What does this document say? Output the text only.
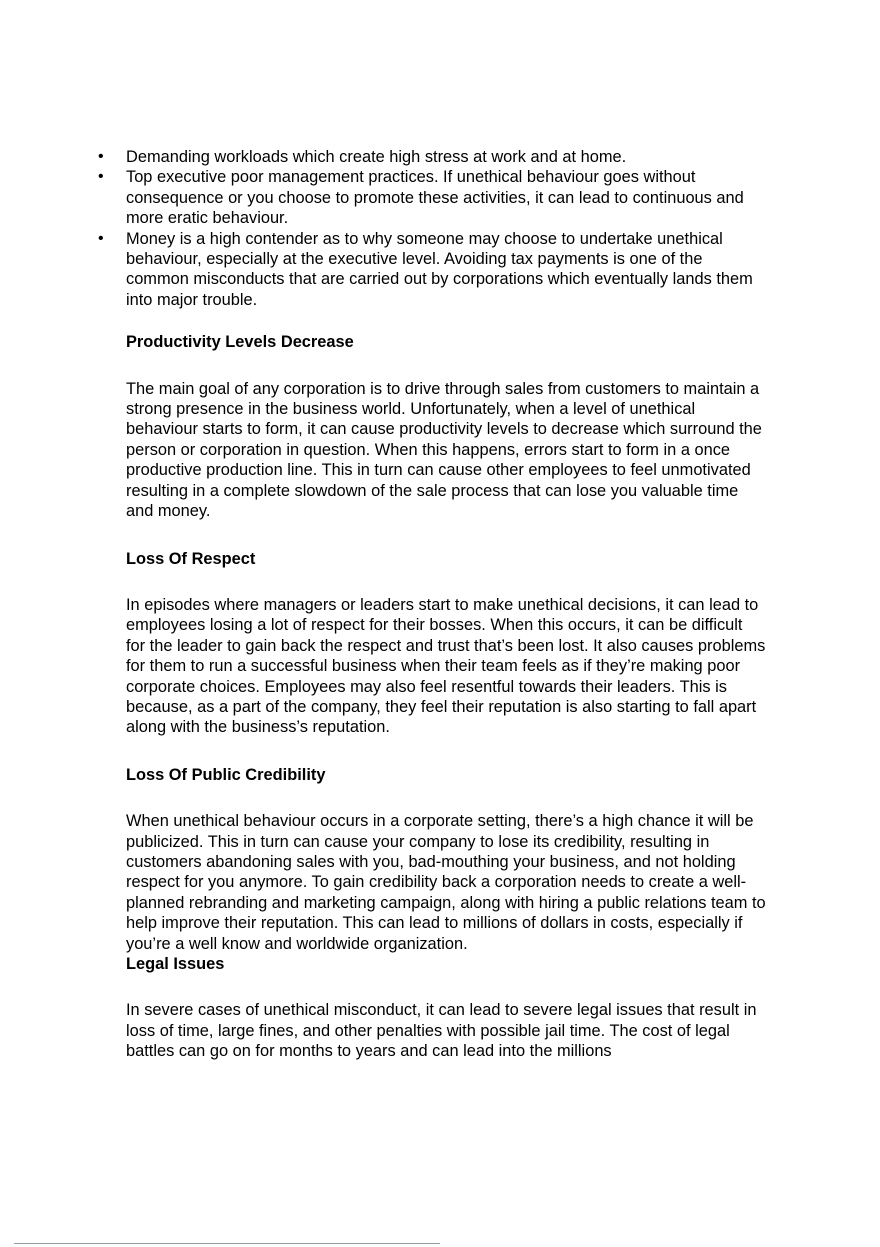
• Demanding workloads which create high stress at work and at home.
• Top executive poor management practices. If unethical behaviour goes without consequence or you choose to promote these activities, it can lead to continuous and more eratic behaviour.
• Money is a high contender as to why someone may choose to undertake unethical behaviour, especially at the executive level. Avoiding tax payments is one of the common misconducts that are carried out by corporations which eventually lands them into major trouble.
Productivity Levels Decrease

The main goal of any corporation is to drive through sales from customers to maintain a strong presence in the business world. Unfortunately, when a level of unethical behaviour starts to form, it can cause productivity levels to decrease which surround the person or corporation in question. When this happens, errors start to form in a once productive production line. This in turn can cause other employees to feel unmotivated resulting in a complete slowdown of the sale process that can lose you valuable time and money.

Loss Of Respect

In episodes where managers or leaders start to make unethical decisions, it can lead to employees losing a lot of respect for their bosses. When this occurs, it can be difficult for the leader to gain back the respect and trust that’s been lost. It also causes problems for them to run a successful business when their team feels as if they’re making poor corporate choices. Employees may also feel resentful towards their leaders. This is because, as a part of the company, they feel their reputation is also starting to fall apart along with the business’s reputation.

Loss Of Public Credibility

When unethical behaviour occurs in a corporate setting, there’s a high chance it will be publicized. This in turn can cause your company to lose its credibility, resulting in customers abandoning sales with you, bad-mouthing your business, and not holding respect for you anymore. To gain credibility back a corporation needs to create a well-planned rebranding and marketing campaign, along with hiring a public relations team to help improve their reputation. This can lead to millions of dollars in costs, especially if you’re a well know and worldwide organization.

Legal Issues

In severe cases of unethical misconduct, it can lead to severe legal issues that result in loss of time, large fines, and other penalties with possible jail time. The cost of legal battles can go on for months to years and can lead into the millions
